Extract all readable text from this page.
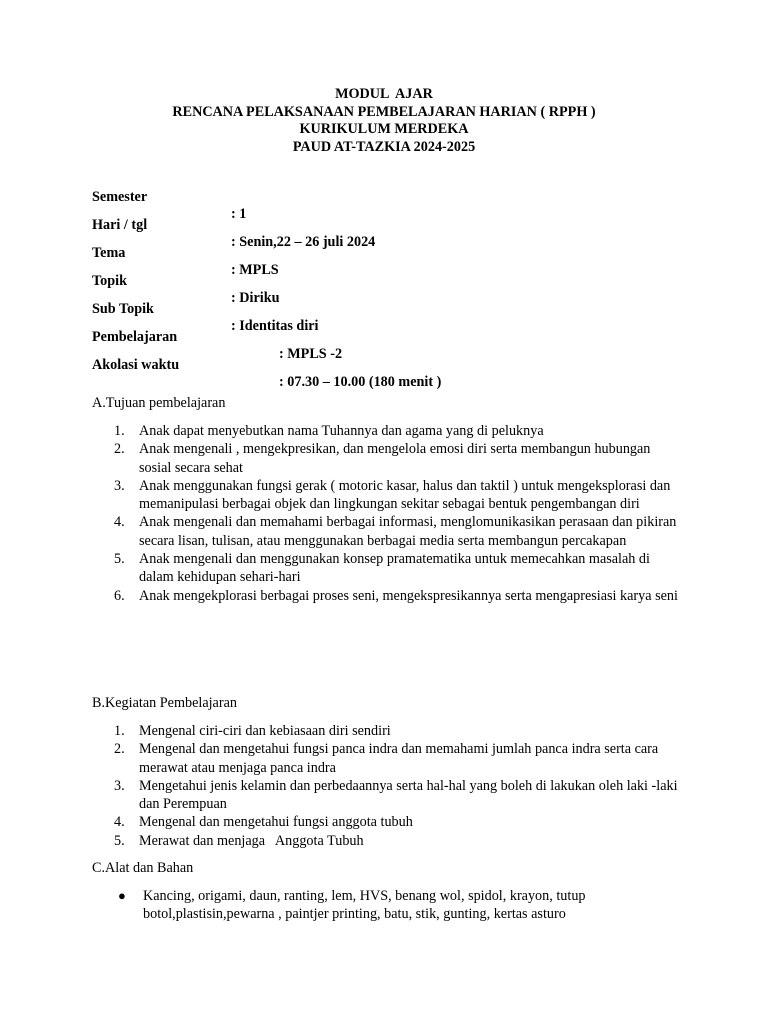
MODUL  AJAR
RENCANA PELAKSANAAN PEMBELAJARAN HARIAN ( RPPH )
KURIKULUM MERDEKA
PAUD AT-TAZKIA 2024-2025

Semester

: 1

Hari / tgl

: Senin,22 – 26 juli 2024

Tema

: MPLS

Topik

: Diriku

Sub Topik

: Identitas diri

Pembelajaran

: MPLS -2

Akolasi waktu

: 07.30 – 10.00 (180 menit )

A.Tujuan pembelajaran
1. Anak dapat menyebutkan nama Tuhannya dan agama yang di peluknya
2. Anak mengenali , mengekpresikan, dan mengelola emosi diri serta membangun hubungan sosial secara sehat
3. Anak menggunakan fungsi gerak ( motoric kasar, halus dan taktil ) untuk mengeksplorasi dan memanipulasi berbagai objek dan lingkungan sekitar sebagai bentuk pengembangan diri
4. Anak mengenali dan memahami berbagai informasi, menglomunikasikan perasaan dan pikiran secara lisan, tulisan, atau menggunakan berbagai media serta membangun percakapan
5. Anak mengenali dan menggunakan konsep pramatematika untuk memecahkan masalah di     dalam kehidupan sehari-hari
6. Anak mengekplorasi berbagai proses seni, mengekspresikannya serta mengapresiasi karya seni
B.Kegiatan Pembelajaran
1. Mengenal ciri-ciri dan kebiasaan diri sendiri
2. Mengenal dan mengetahui fungsi panca indra dan memahami jumlah panca indra serta cara merawat atau menjaga panca indra
3. Mengetahui jenis kelamin dan perbedaannya serta hal-hal yang boleh di lakukan oleh laki -laki dan Perempuan
4. Mengenal dan mengetahui fungsi anggota tubuh
5. Merawat dan menjaga   Anggota Tubuh
C.Alat dan Bahan
● Kancing, origami, daun, ranting, lem, HVS, benang wol, spidol, krayon, tutup botol,plastisin,pewarna , paintjer printing, batu, stik, gunting, kertas asturo
